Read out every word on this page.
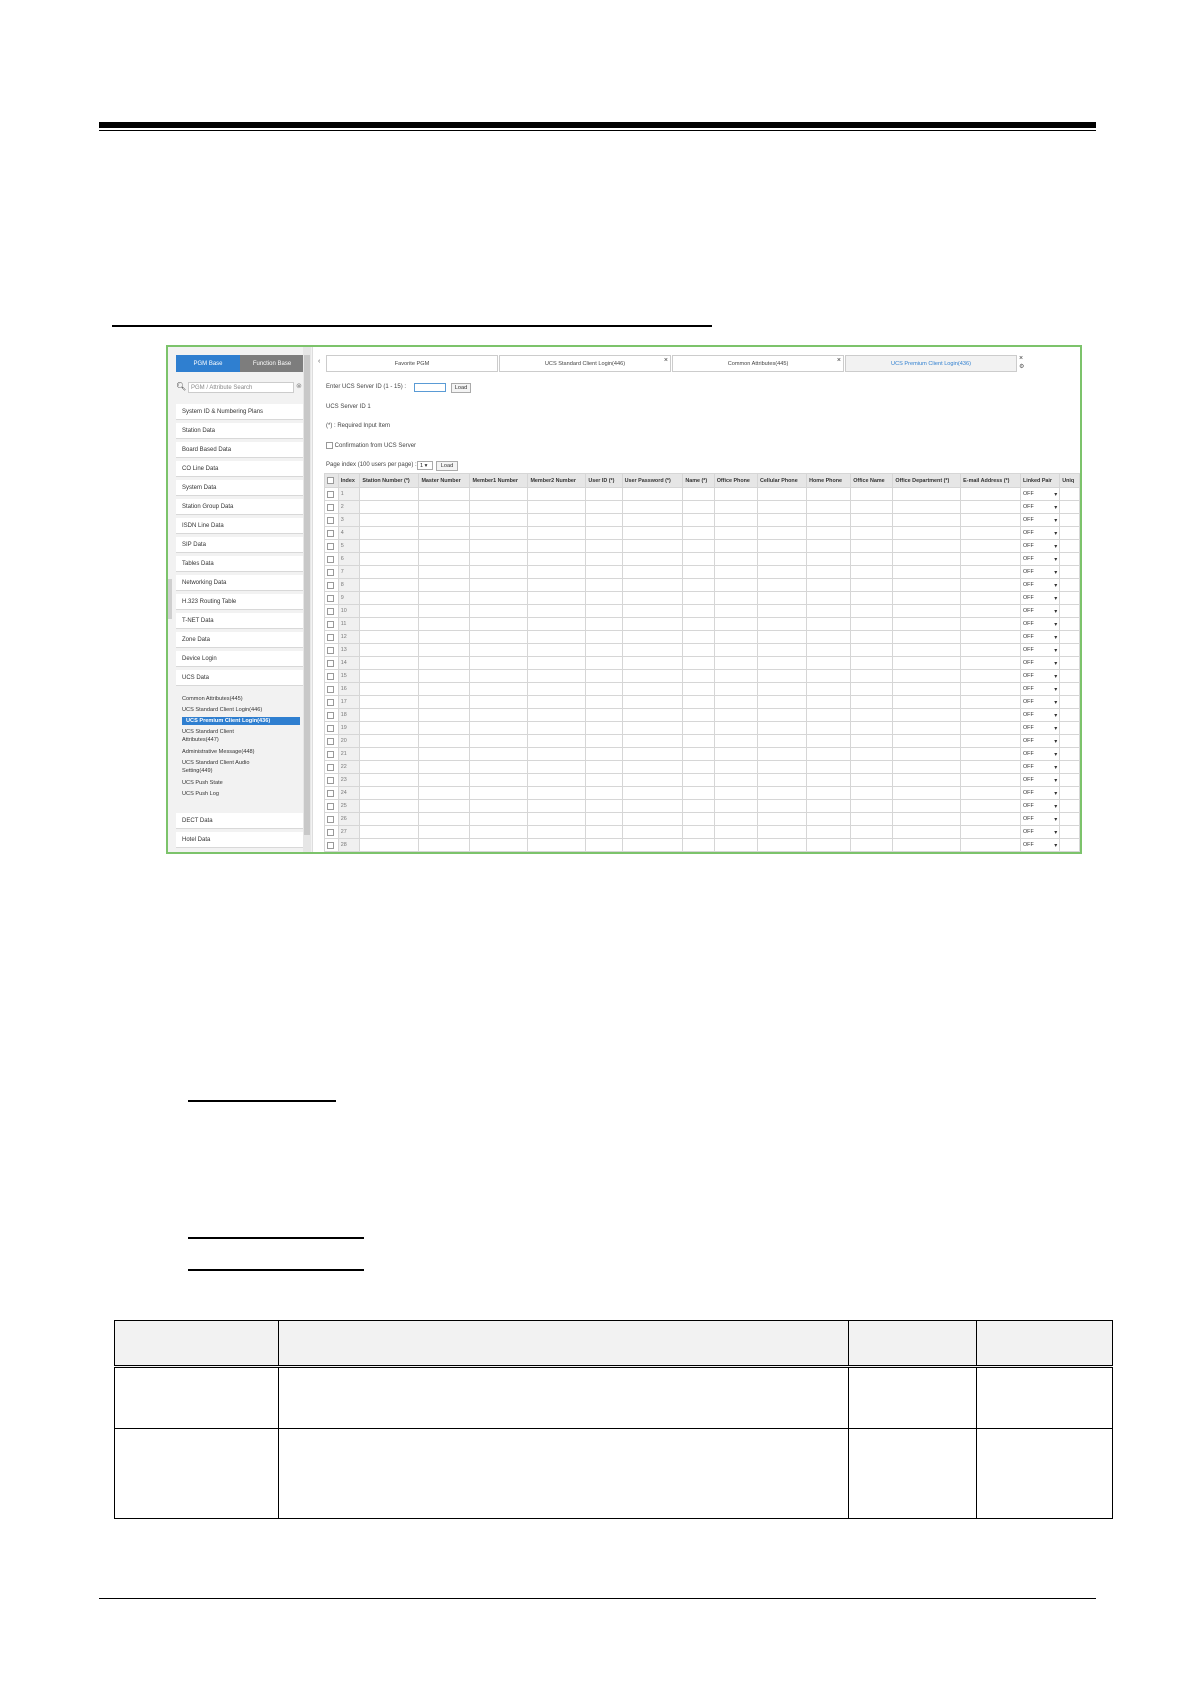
PGM Base	Function Base
🔍︎ PGM / Attribute Search	⊗
System ID & Numbering Plans
Station Data
Board Based Data
CO Line Data
System Data
Station Group Data
ISDN Line Data
SIP Data
Tables Data
Networking Data
H.323 Routing Table
T-NET Data
Zone Data
Device Login
UCS Data
Common Attributes(445)
UCS Standard Client Login(446)
UCS Premium Client Login(436)
UCS Standard Client Attributes(447)
Administrative Message(448)
UCS Standard Client Audio Setting(449)
UCS Push State
UCS Push Log
DECT Data
Hotel Data
‹	Favorite PGM	UCS Standard Client Login(446)	×	Common Attributes(445)	×	UCS Premium Client Login(436)
×
⚙
Enter UCS Server ID (1 - 15) :	Load
UCS Server ID 1
(*) : Required Input Item
Confirmation from UCS Server
Page index (100 users per page) : 1 ▾	Load
	Index	Station Number (*)	Master Number	Member1 Number	Member2 Number	User ID (*)	User Password (*)	Name (*)	Office Phone	Cellular Phone	Home Phone	Office Name	Office Department (*)	E-mail Address (*)	Linked Pair	Uniq
	1														OFF ▾	

	2														OFF ▾	

	3														OFF ▾	

	4														OFF ▾	

	5														OFF ▾	

	6														OFF ▾	

	7														OFF ▾	

	8														OFF ▾	

	9														OFF ▾	

	10														OFF ▾	

	11														OFF ▾	

	12														OFF ▾	

	13														OFF ▾	

	14														OFF ▾	

	15														OFF ▾	

	16														OFF ▾	

	17														OFF ▾	

	18														OFF ▾	

	19														OFF ▾	

	20														OFF ▾	

	21														OFF ▾	

	22														OFF ▾	

	23														OFF ▾	

	24														OFF ▾	

	25														OFF ▾	

	26														OFF ▾	

	27														OFF ▾	

	28														OFF ▾	
